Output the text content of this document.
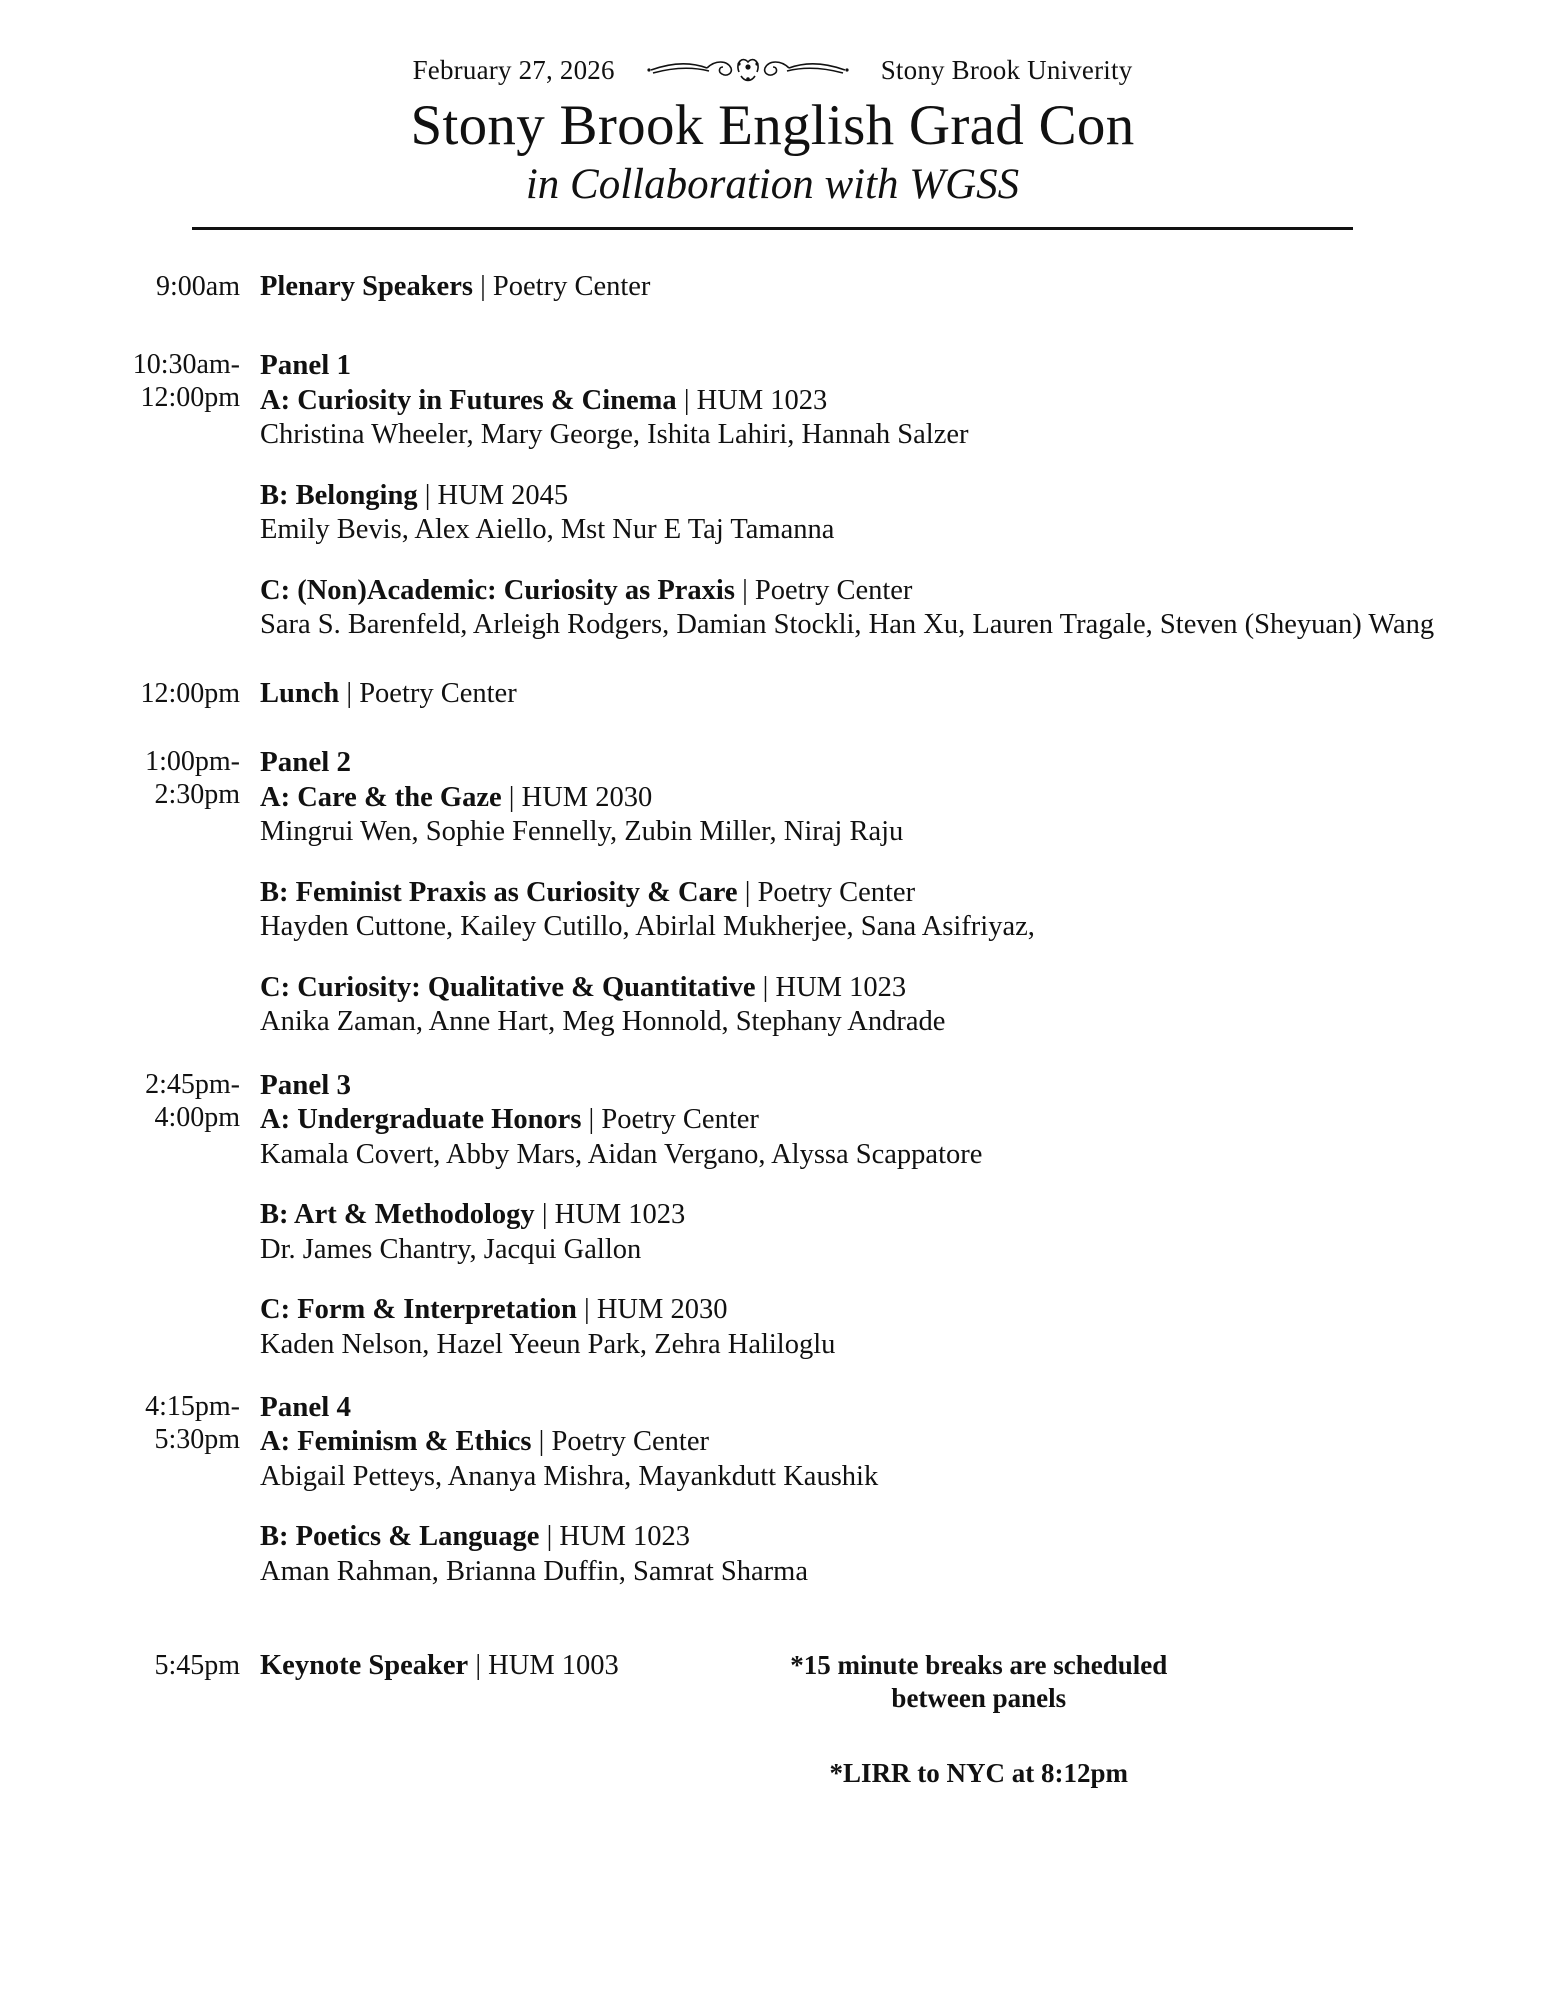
February 27, 2026	Stony Brook Univerity
Stony Brook English Grad Con
in Collaboration with WGSS
9:00am Plenary Speakers | Poetry Center
10:30am-
12:00pm
Panel 1
A: Curiosity in Futures & Cinema | HUM 1023
Christina Wheeler, Mary George, Ishita Lahiri, Hannah Salzer
B: Belonging | HUM 2045
Emily Bevis, Alex Aiello, Mst Nur E Taj Tamanna
C: (Non)Academic: Curiosity as Praxis | Poetry Center
Sara S. Barenfeld, Arleigh Rodgers, Damian Stockli, Han Xu, Lauren Tragale, Steven (Sheyuan) Wang
12:00pm Lunch | Poetry Center
1:00pm-
2:30pm
Panel 2
A: Care & the Gaze | HUM 2030
Mingrui Wen, Sophie Fennelly, Zubin Miller, Niraj Raju
B: Feminist Praxis as Curiosity & Care | Poetry Center
Hayden Cuttone, Kailey Cutillo, Abirlal Mukherjee, Sana Asifriyaz,
C: Curiosity: Qualitative & Quantitative | HUM 1023
Anika Zaman, Anne Hart, Meg Honnold, Stephany Andrade
2:45pm-
4:00pm
Panel 3
A: Undergraduate Honors | Poetry Center
Kamala Covert, Abby Mars, Aidan Vergano, Alyssa Scappatore
B: Art & Methodology | HUM 1023
Dr. James Chantry, Jacqui Gallon
C: Form & Interpretation | HUM 2030
Kaden Nelson, Hazel Yeeun Park, Zehra Haliloglu
4:15pm-
5:30pm
Panel 4
A: Feminism & Ethics | Poetry Center
Abigail Petteys, Ananya Mishra, Mayankdutt Kaushik
B: Poetics & Language | HUM 1023
Aman Rahman, Brianna Duffin, Samrat Sharma
5:45pm Keynote Speaker | HUM 1003	*15 minute breaks are scheduled
between panels
*LIRR to NYC at 8:12pm
